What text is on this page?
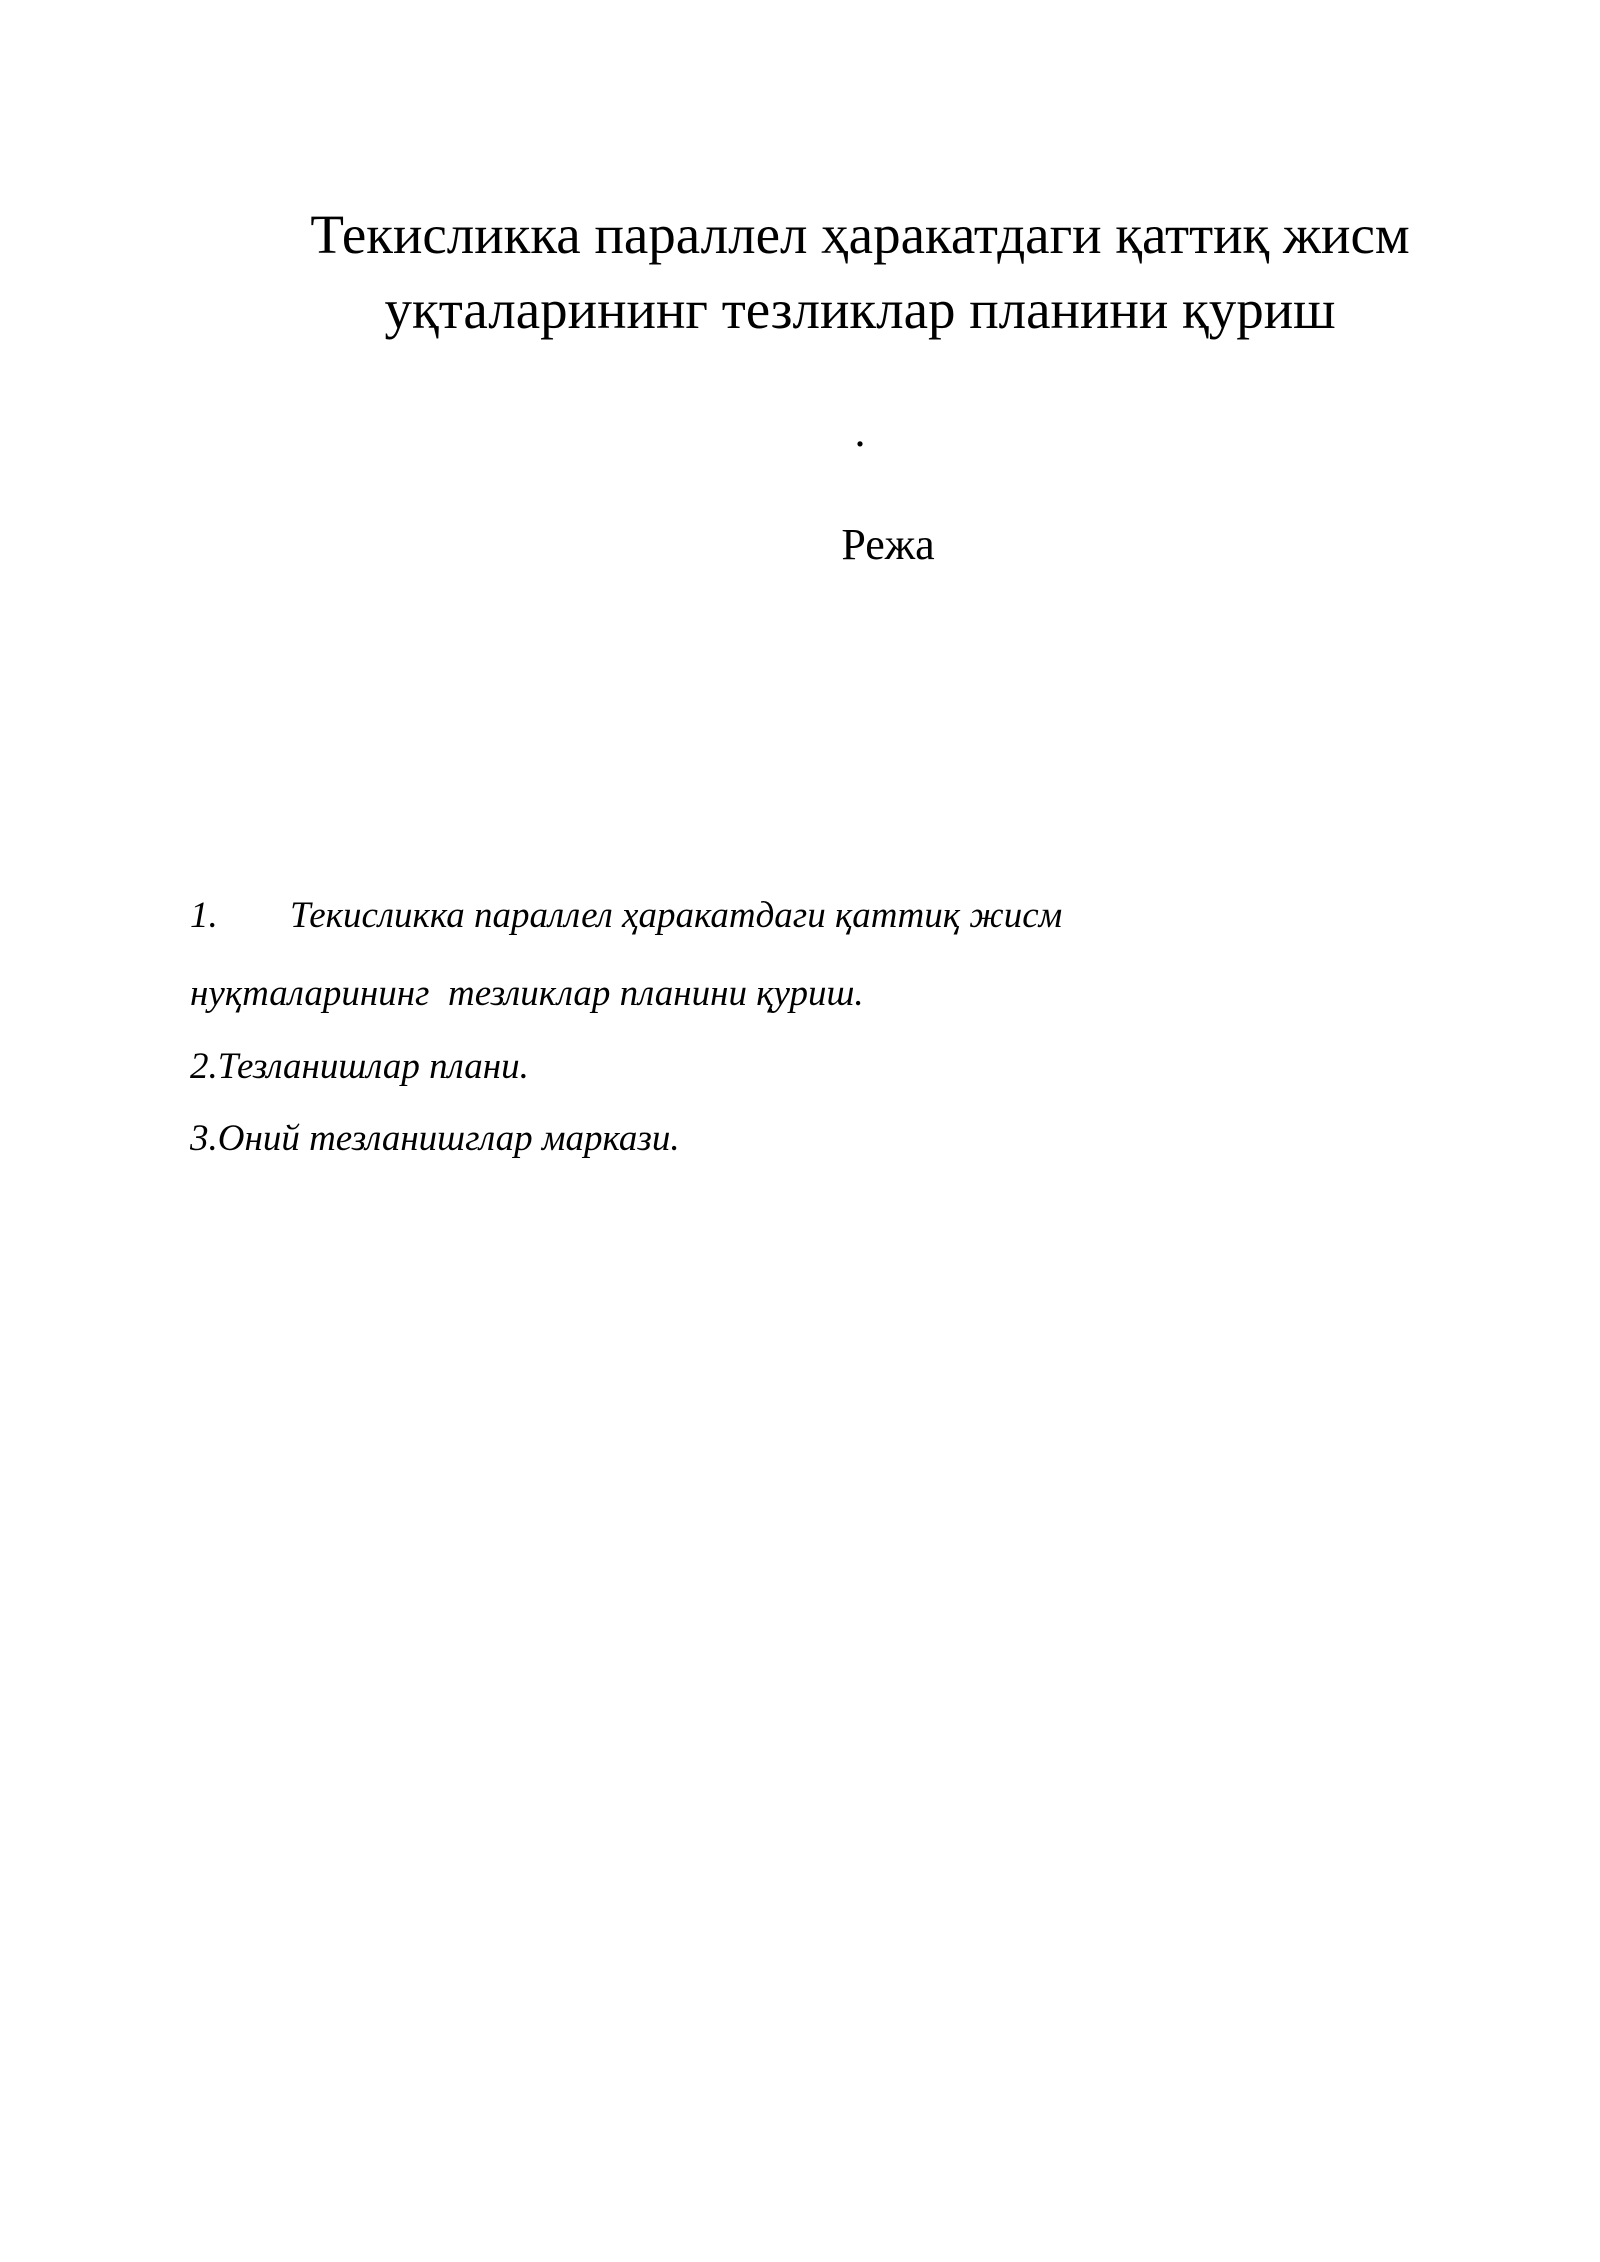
Текисликка параллел ҳаракатдаги қаттиқ жисм
уқталарининг тезликлар планини қуриш
.
Режа
1. Текисликка параллел ҳаракатдаги қаттиқ жисм
нуқталарининг  тезликлар планини қуриш.
2.Тезланишлар плани.
3.Оний тезланишглар маркази.
